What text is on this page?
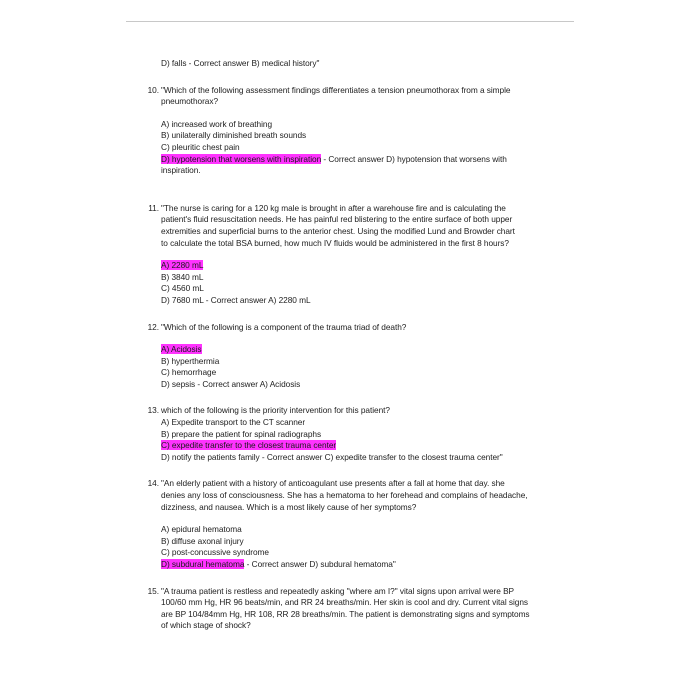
D) falls - Correct answer B) medical history"
10. "Which of the following assessment findings differentiates a tension pneumothorax from a simple
pneumothorax?
A) increased work of breathing
B) unilaterally diminished breath sounds
C) pleuritic chest pain
D) hypotension that worsens with inspiration - Correct answer D) hypotension that worsens with
inspiration.
11. "The nurse is caring for a 120 kg male is brought in after a warehouse fire and is calculating the
patient's fluid resuscitation needs. He has painful red blistering to the entire surface of both upper
extremities and superficial burns to the anterior chest. Using the modified Lund and Browder chart
to calculate the total BSA burned, how much IV fluids would be administered in the first 8 hours?
A) 2280 mL
B) 3840 mL
C) 4560 mL
D) 7680 mL - Correct answer A) 2280 mL
12. "Which of the following is a component of the trauma triad of death?
A) Acidosis
B) hyperthermia
C) hemorrhage
D) sepsis - Correct answer A) Acidosis
13. which of the following is the priority intervention for this patient?
A) Expedite transport to the CT scanner
B) prepare the patient for spinal radiographs
C) expedite transfer to the closest trauma center
D) notify the patients family - Correct answer C) expedite transfer to the closest trauma center"
14. "An elderly patient with a history of anticoagulant use presents after a fall at home that day. she
denies any loss of consciousness. She has a hematoma to her forehead and complains of headache,
dizziness, and nausea. Which is a most likely cause of her symptoms?
A) epidural hematoma
B) diffuse axonal injury
C) post-concussive syndrome
D) subdural hematoma - Correct answer D) subdural hematoma"
15. "A trauma patient is restless and repeatedly asking "where am I?" vital signs upon arrival were BP
100/60 mm Hg, HR 96 beats/min, and RR 24 breaths/min. Her skin is cool and dry. Current vital signs
are BP 104/84mm Hg, HR 108, RR 28 breaths/min. The patient is demonstrating signs and symptoms
of which stage of shock?
